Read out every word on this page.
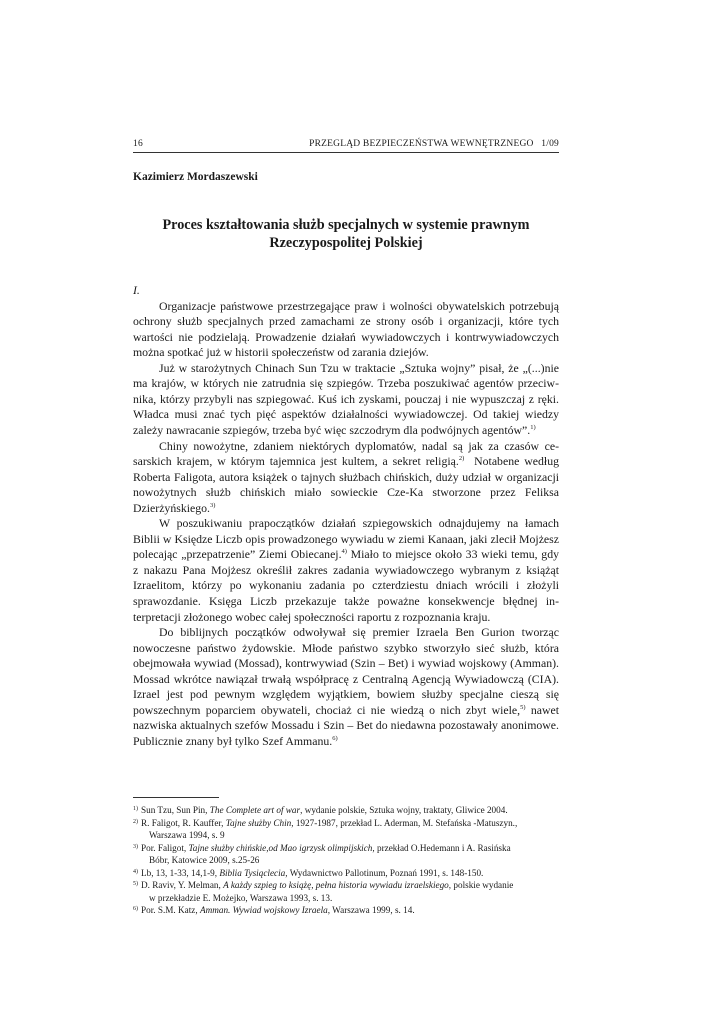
16	PRZEGLĄD BEZPIECZEŃSTWA WEWNĘTRZNEGO   1/09
Kazimierz Mordaszewski
Proces kształtowania służb specjalnych w systemie prawnym
Rzeczypospolitej Polskiej
I.

Organizacje państwowe przestrzegające praw i wolności obywatelskich potrzebują ochrony służb specjalnych przed zamachami ze strony osób i organizacji, które tych wartości nie podzielają. Prowadzenie działań wywiadowczych i kontrwywiadowczych można spotkać już w historii społeczeństw od zarania dziejów.

Już w starożytnych Chinach Sun Tzu w traktacie „Sztuka wojny” pisał, że „(...)nie ma krajów, w których nie zatrudnia się szpiegów. Trzeba poszukiwać agentów przeciwnika, którzy przybyli nas szpiegować. Kuś ich zyskami, pouczaj i nie wypuszczaj z ręki. Władca musi znać tych pięć aspektów działalności wywiadowczej. Od takiej wiedzy zależy nawracanie szpiegów, trzeba być więc szczodrym dla podwójnych agentów”.$^{1)}$

Chiny nowożytne, zdaniem niektórych dyplomatów, nadal są jak za czasów cesarskich krajem, w którym tajemnica jest kultem, a sekret religią.$^{2)}$  Notabene według Roberta Faligota, autora książek o tajnych służbach chińskich, duży udział w organizacji nowożytnych służb chińskich miało sowieckie Cze-Ka stworzone przez Feliksa Dzierżyńskiego.$^{3)}$

W poszukiwaniu prapoczątków działań szpiegowskich odnajdujemy na łamach Biblii w Księdze Liczb opis prowadzonego wywiadu w ziemi Kanaan, jaki zlecił Mojżesz polecając „przepatrzenie” Ziemi Obiecanej.$^{4)}$ Miało to miejsce około 33 wieki temu, gdy z nakazu Pana Mojżesz określił zakres zadania wywiadowczego wybranym z książąt Izraelitom, którzy po wykonaniu zadania po czterdziestu dniach wrócili i złożyli sprawozdanie. Księga Liczb przekazuje także poważne konsekwencje błędnej interpretacji złożonego wobec całej społeczności raportu z rozpoznania kraju.

Do biblijnych początków odwoływał się premier Izraela Ben Gurion tworząc nowoczesne państwo żydowskie. Młode państwo szybko stworzyło sieć służb, która obejmowała wywiad (Mossad), kontrwywiad (Szin – Bet) i wywiad wojskowy (Amman). Mossad wkrótce nawiązał trwałą współpracę z Centralną Agencją Wywiadowczą (CIA). Izrael jest pod pewnym względem wyjątkiem, bowiem służby specjalne cieszą się powszechnym poparciem obywateli, chociaż ci nie wiedzą o nich zbyt wiele,$^{5)}$ nawet nazwiska aktualnych szefów Mossadu i Szin – Bet do niedawna pozostawały anonimowe. Publicznie znany był tylko Szef Ammanu.$^{6)}$

1) Sun Tzu, Sun Pin, The Complete art of war, wydanie polskie, Sztuka wojny, traktaty, Gliwice 2004.
2) R. Faligot, R. Kauffer, Tajne służby Chin, 1927-1987, przekład L. Aderman, M. Stefańska -Matuszyn.,
Warszawa 1994, s. 9
3) Por. Faligot, Tajne służby chińskie,od Mao igrzysk olimpijskich, przekład O.Hedemann i A. Rasińska
Bóbr, Katowice 2009, s.25-26
4) Lb, 13, 1-33, 14,1-9, Biblia Tysiąclecia, Wydawnictwo Pallotinum, Poznań 1991, s. 148-150.
5) D. Raviv, Y. Melman, A każdy szpieg to książę, pełna historia wywiadu izraelskiego, polskie wydanie
w przekładzie E. Możejko, Warszawa 1993, s. 13.
6) Por. S.M. Katz, Amman. Wywiad wojskowy Izraela, Warszawa 1999, s. 14.
